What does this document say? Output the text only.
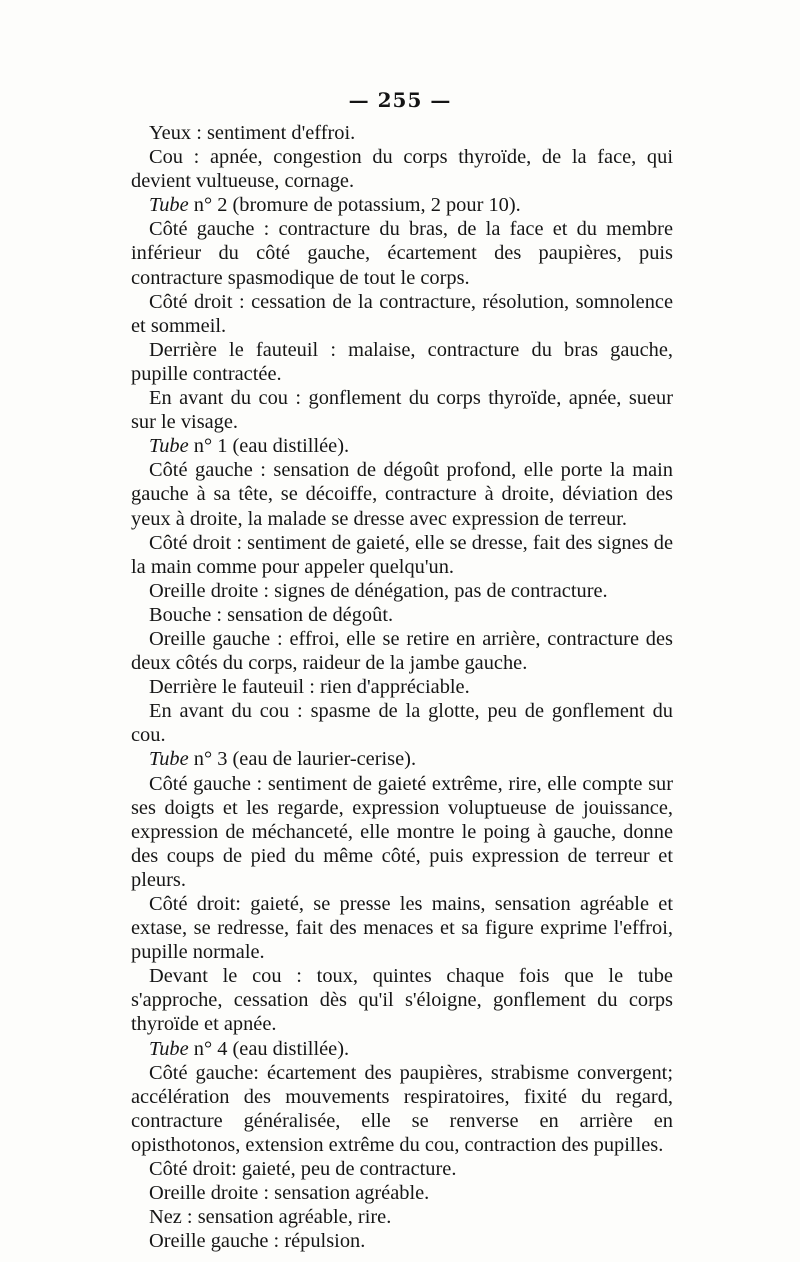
— 255 —

Yeux : sentiment d'effroi.

Cou : apnée, congestion du corps thyroïde, de la face, qui devient vultueuse, cornage.

Tube n° 2 (bromure de potassium, 2 pour 10).

Côté gauche : contracture du bras, de la face et du membre inférieur du côté gauche, écartement des paupières, puis contracture spasmodique de tout le corps.

Côté droit : cessation de la contracture, résolution, somnolence et sommeil.

Derrière le fauteuil : malaise, contracture du bras gauche, pupille contractée.

En avant du cou : gonflement du corps thyroïde, apnée, sueur sur le visage.

Tube n° 1 (eau distillée).

Côté gauche : sensation de dégoût profond, elle porte la main gauche à sa tête, se décoiffe, contracture à droite, déviation des yeux à droite, la malade se dresse avec expression de terreur.

Côté droit : sentiment de gaieté, elle se dresse, fait des signes de la main comme pour appeler quelqu'un.

Oreille droite : signes de dénégation, pas de contracture.

Bouche : sensation de dégoût.

Oreille gauche : effroi, elle se retire en arrière, contracture des deux côtés du corps, raideur de la jambe gauche.

Derrière le fauteuil : rien d'appréciable.

En avant du cou : spasme de la glotte, peu de gonflement du cou.

Tube n° 3 (eau de laurier-cerise).

Côté gauche : sentiment de gaieté extrême, rire, elle compte sur ses doigts et les regarde, expression voluptueuse de jouissance, expression de méchanceté, elle montre le poing à gauche, donne des coups de pied du même côté, puis expression de terreur et pleurs.

Côté droit: gaieté, se presse les mains, sensation agréable et extase, se redresse, fait des menaces et sa figure exprime l'effroi, pupille normale.

Devant le cou : toux, quintes chaque fois que le tube s'approche, cessation dès qu'il s'éloigne, gonflement du corps thyroïde et apnée.

Tube n° 4 (eau distillée).

Côté gauche: écartement des paupières, strabisme convergent; accélération des mouvements respiratoires, fixité du regard, contracture généralisée, elle se renverse en arrière en opisthotonos, extension extrême du cou, contraction des pupilles.

Côté droit: gaieté, peu de contracture.

Oreille droite : sensation agréable.

Nez : sensation agréable, rire.

Oreille gauche : répulsion.
